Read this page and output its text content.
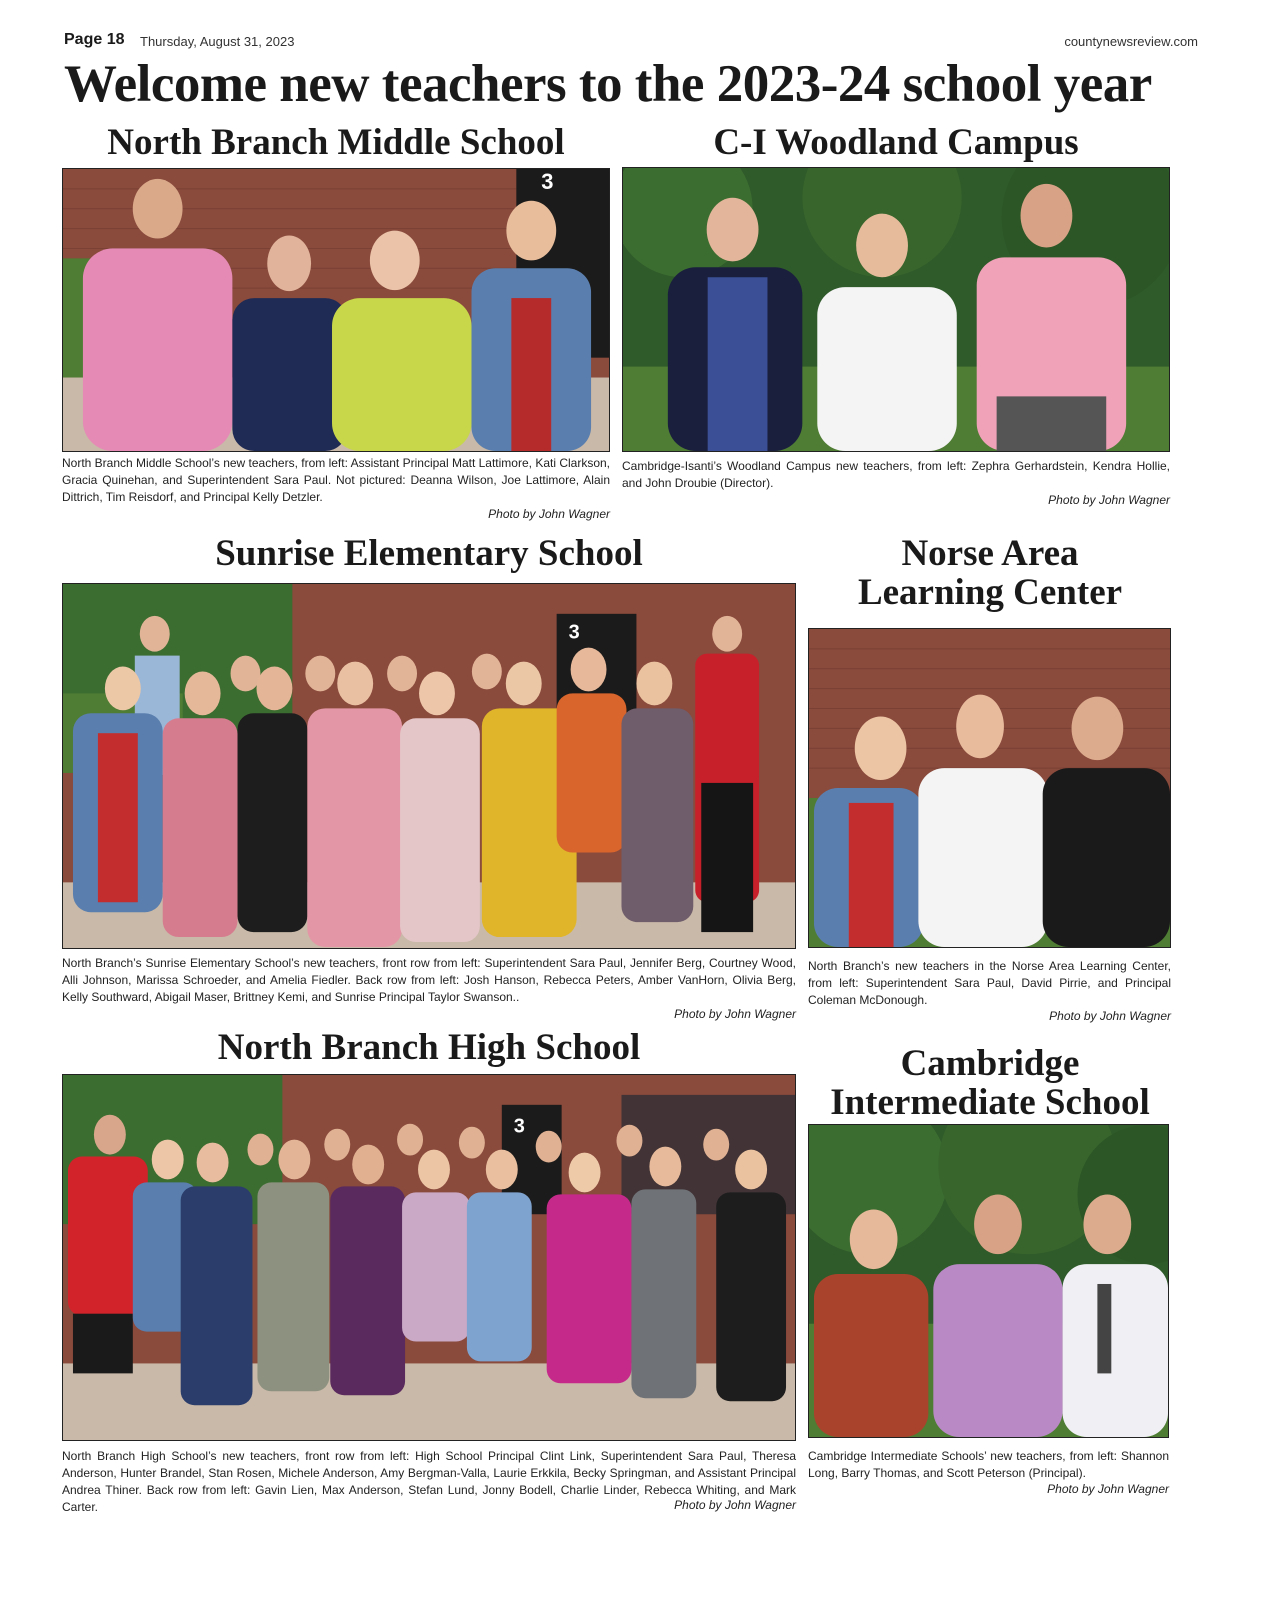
Page 18 Thursday, August 31, 2023	countynewsreview.com
Welcome new teachers to the 2023-24 school year
North Branch Middle School
3
North Branch Middle School’s new teachers, from left: Assistant Principal Matt Lattimore, Kati Clarkson, Gracia Quinehan, and Superintendent Sara Paul. Not pictured: Deanna Wilson, Joe Lattimore, Alain Dittrich, Tim Reisdorf, and Principal Kelly Detzler.
Photo by John Wagner
C-I Woodland Campus
Cambridge-Isanti’s Woodland Campus new teachers, from left: Zephra Gerhardstein, Kendra Hollie, and John Droubie (Director).
Photo by John Wagner
Sunrise Elementary School
3
North Branch’s Sunrise Elementary School’s new teachers, front row from left: Superintendent Sara Paul, Jennifer Berg, Courtney Wood, Alli Johnson, Marissa Schroeder, and Amelia Fiedler. Back row from left: Josh Hanson, Rebecca Peters, Amber VanHorn, Olivia Berg, Kelly Southward, Abigail Maser, Brittney Kemi, and Sunrise Principal Taylor Swanson..
Photo by John Wagner
Norse Area
Learning Center
North Branch’s new teachers in the Norse Area Learning Center, from left: Superintendent Sara Paul, David Pirrie, and Principal Coleman McDonough.
Photo by John Wagner
North Branch High School
3
North Branch High School’s new teachers, front row from left: High School Principal Clint Link, Superintendent Sara Paul, Theresa Anderson, Hunter Brandel, Stan Rosen, Michele Anderson, Amy Bergman-Valla, Laurie Erkkila, Becky Springman, and Assistant Principal Andrea Thiner. Back row from left: Gavin Lien, Max Anderson, Stefan Lund, Jonny Bodell, Charlie Linder, Rebecca Whiting, and Mark Carter.	Photo by John Wagner
Cambridge
Intermediate School
Cambridge Intermediate Schools’ new teachers, from left: Shannon Long, Barry Thomas, and Scott Peterson (Principal).
Photo by John Wagner
